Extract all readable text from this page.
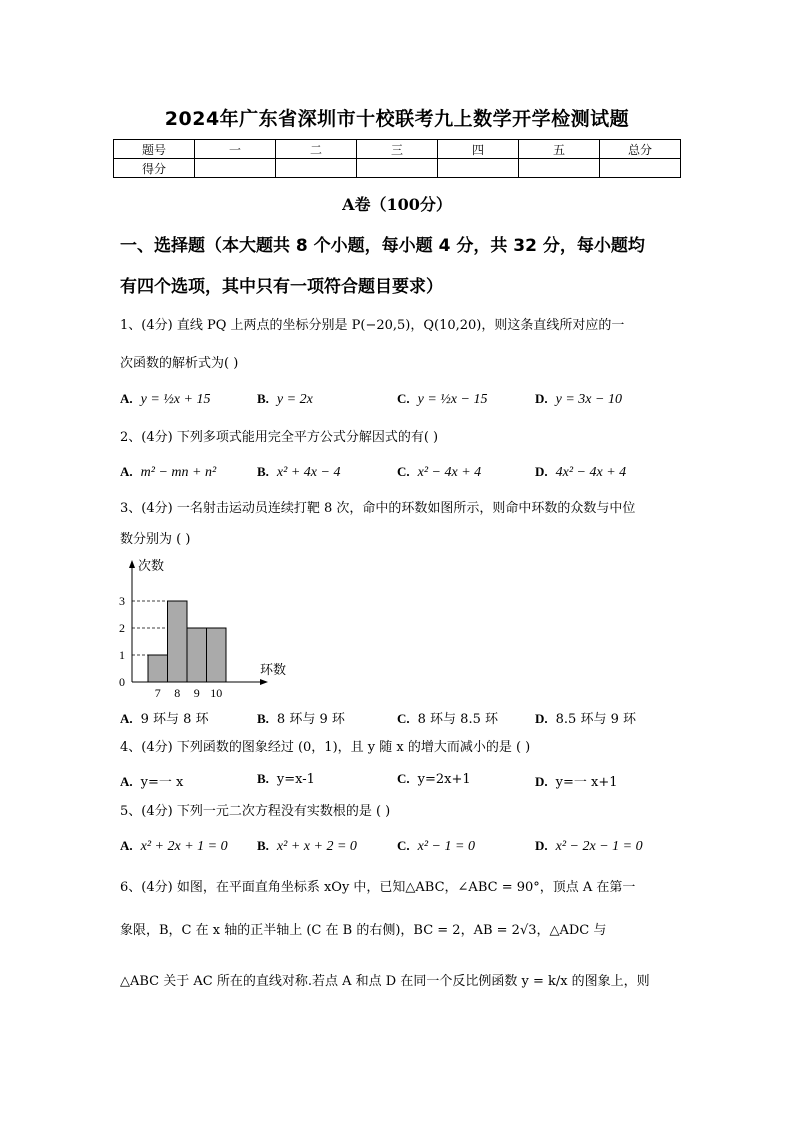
2024年广东省深圳市十校联考九上数学开学检测试题
题号	一	二	三	四	五	总分
得分						
A卷（100分）
一、选择题（本大题共 8 个小题，每小题 4 分，共 32 分，每小题均
有四个选项，其中只有一项符合题目要求）
1、(4分) 直线 PQ 上两点的坐标分别是 P(−20,5)，Q(10,20)，则这条直线所对应的一
次函数的解析式为( )
A. y = ½x + 15	B. y = 2x	C. y = ½x − 15	D. y = 3x − 10
2、(4分) 下列多项式能用完全平方公式分解因式的有( )
A. m² − mn + n²	B. x² + 4x − 4	C. x² − 4x + 4	D. 4x² − 4x + 4
3、(4分) 一名射击运动员连续打靶 8 次，命中的环数如图所示，则命中环数的众数与中位
数分别为 ( )
次数
环数
0
1
2
3
7 8 9 10
A. 9 环与 8 环	B. 8 环与 9 环	C. 8 环与 8.5 环	D. 8.5 环与 9 环
4、(4分) 下列函数的图象经过 (0，1)，且 y 随 x 的增大而减小的是 ( )
A. y=一 x	B. y=x-1	C. y=2x+1	D. y=一 x+1
5、(4分) 下列一元二次方程没有实数根的是 ( )
A. x² + 2x + 1 = 0 B. x² + x + 2 = 0	C. x² − 1 = 0	D. x² − 2x − 1 = 0
6、(4分) 如图，在平面直角坐标系 xOy 中，已知△ABC，∠ABC = 90°，顶点 A 在第一
象限，B，C 在 x 轴的正半轴上 (C 在 B 的右侧)，BC = 2，AB = 2√3，△ADC 与
△ABC 关于 AC 所在的直线对称.若点 A 和点 D 在同一个反比例函数 y = k/x 的图象上，则
